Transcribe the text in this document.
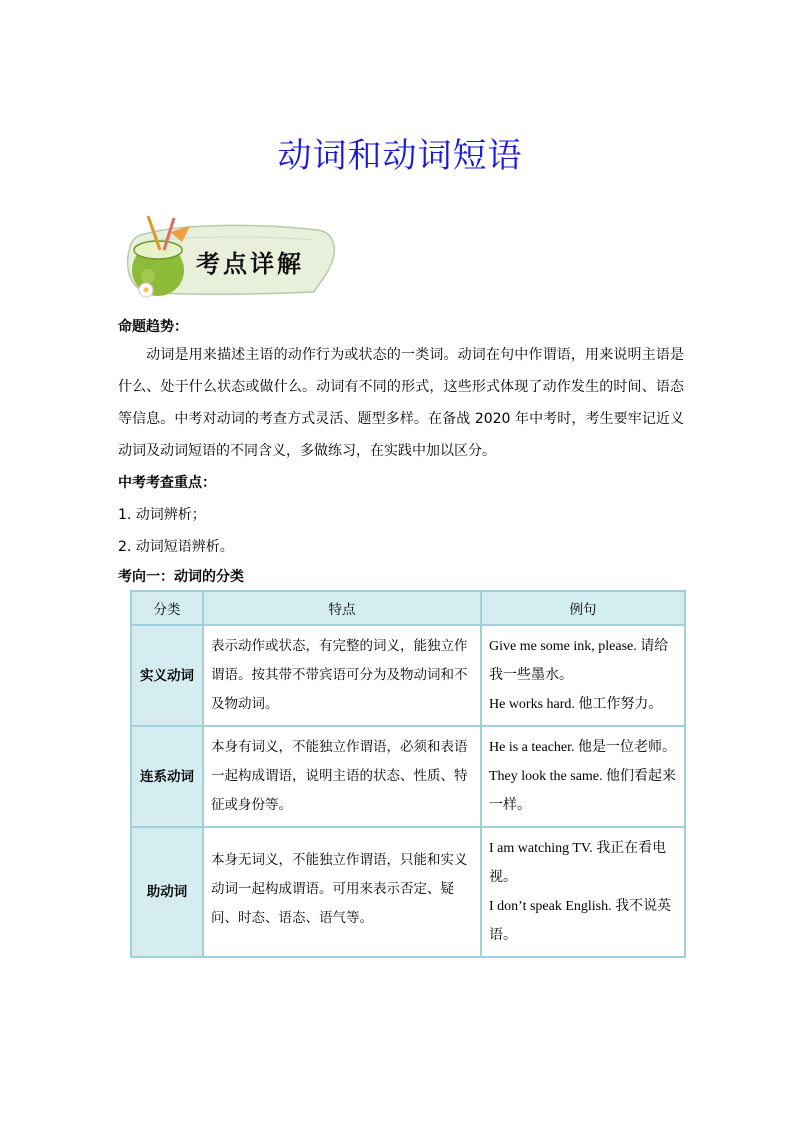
动词和动词短语
考点详解
命题趋势：
动词是用来描述主语的动作行为或状态的一类词。动词在句中作谓语，用来说明主语是什么、处于什么状态或做什么。动词有不同的形式，这些形式体现了动作发生的时间、语态等信息。中考对动词的考查方式灵活、题型多样。在备战 2020 年中考时，考生要牢记近义动词及动词短语的不同含义，多做练习，在实践中加以区分。
中考考查重点：
1. 动词辨析；
2. 动词短语辨析。
考向一：动词的分类
分类	特点	例句
实义动词	表示动作或状态，有完整的词义，能独立作谓语。按其带不带宾语可分为及物动词和不及物动词。	Give me some ink, please. 请给我一些墨水。
He works hard. 他工作努力。

连系动词	本身有词义，不能独立作谓语，必须和表语一起构成谓语，说明主语的状态、性质、特征或身份等。	He is a teacher. 他是一位老师。
They look the same. 他们看起来一样。

助动词	本身无词义，不能独立作谓语，只能和实义动词一起构成谓语。可用来表示否定、疑问、时态、语态、语气等。	I am watching TV. 我正在看电视。
I don’t speak English. 我不说英语。
